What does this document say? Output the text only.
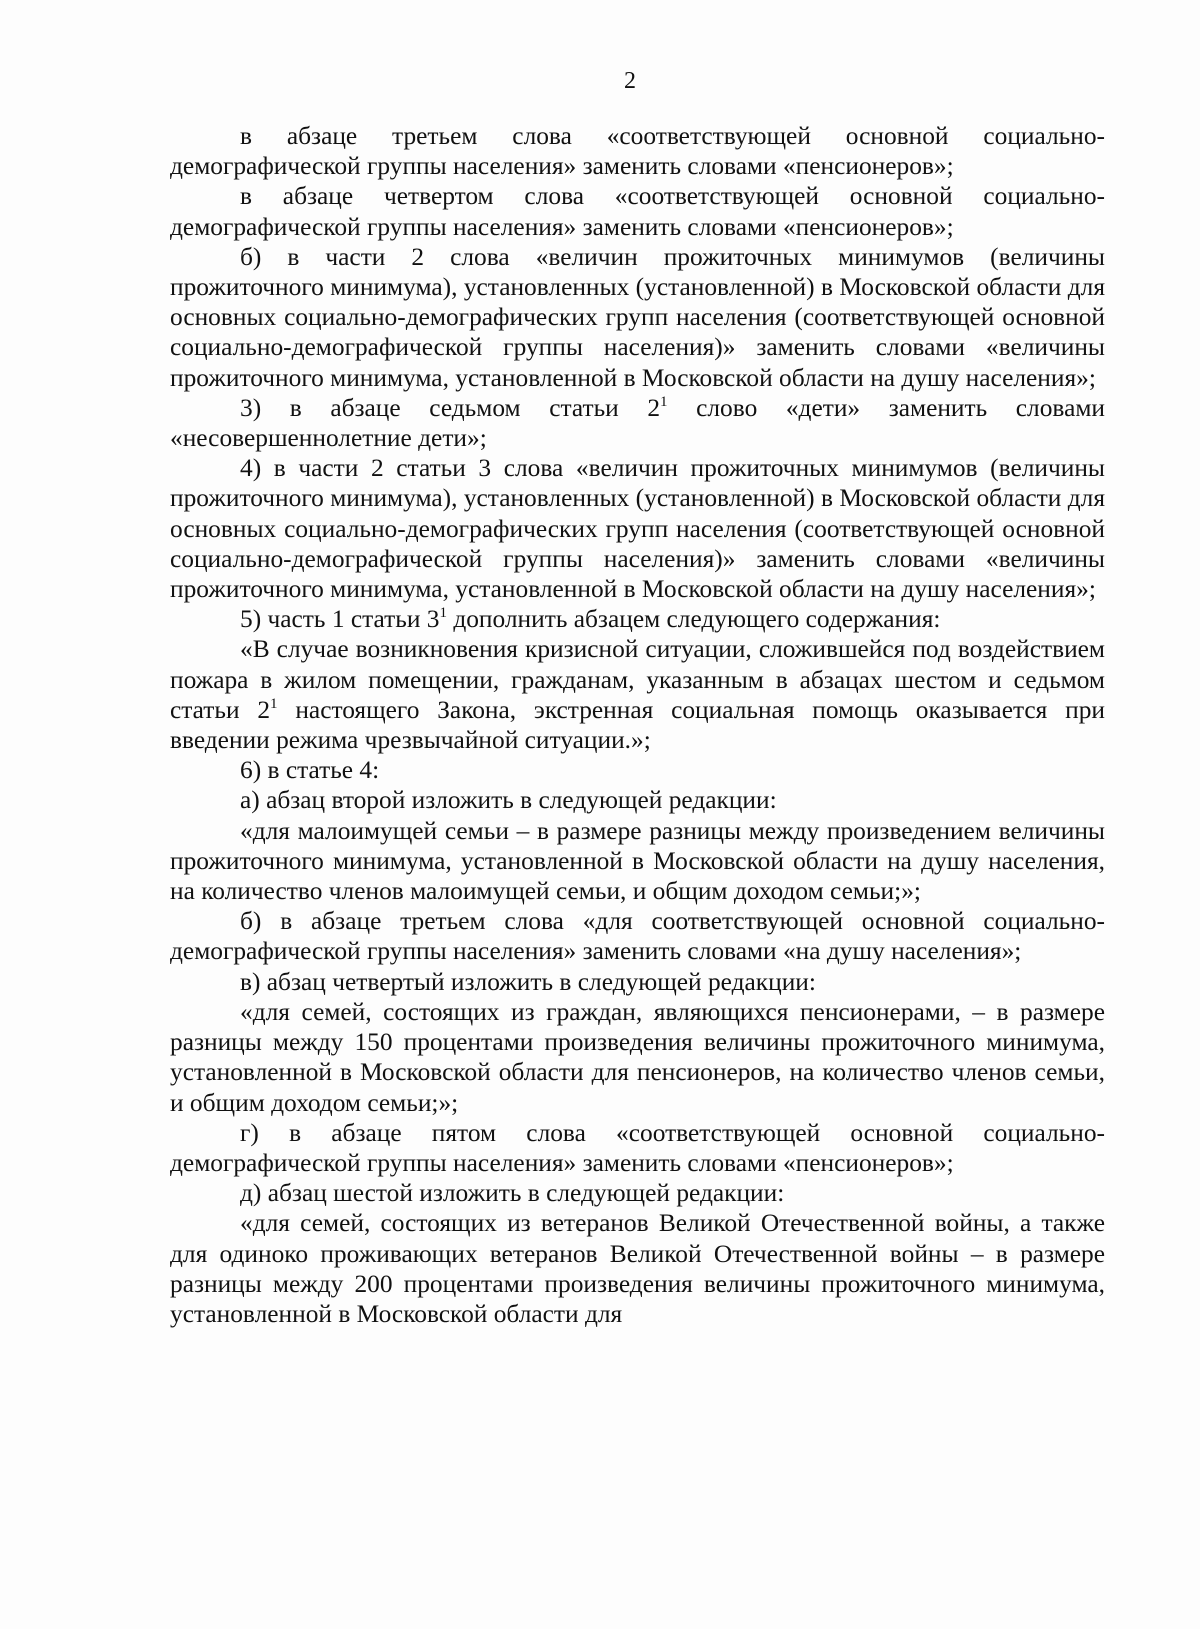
2

в абзаце третьем слова «соответствующей основной социально-демографической группы населения» заменить словами «пенсионеров»;

в абзаце четвертом слова «соответствующей основной социально-демографической группы населения» заменить словами «пенсионеров»;

б) в части 2 слова «величин прожиточных минимумов (величины прожиточного минимума), установленных (установленной) в Московской области для основных социально-демографических групп населения (соответствующей основной социально-демографической группы населения)» заменить словами «величины прожиточного минимума, установленной в Московской области на душу населения»;

3) в абзаце седьмом статьи $2^1$ слово «дети» заменить словами «несовершеннолетние дети»;

4) в части 2 статьи 3 слова «величин прожиточных минимумов (величины прожиточного минимума), установленных (установленной) в Московской области для основных социально-демографических групп населения (соответствующей основной социально-демографической группы населения)» заменить словами «величины прожиточного минимума, установленной в Московской области на душу населения»;

5) часть 1 статьи $3^1$ дополнить абзацем следующего содержания:

«В случае возникновения кризисной ситуации, сложившейся под воздействием пожара в жилом помещении, гражданам, указанным в абзацах шестом и седьмом статьи $2^1$ настоящего Закона, экстренная социальная помощь оказывается при введении режима чрезвычайной ситуации.»;

6) в статье 4:

а) абзац второй изложить в следующей редакции:

«для малоимущей семьи – в размере разницы между произведением величины прожиточного минимума, установленной в Московской области на душу населения, на количество членов малоимущей семьи, и общим доходом семьи;»;

б) в абзаце третьем слова «для соответствующей основной социально-демографической группы населения» заменить словами «на душу населения»;

в) абзац четвертый изложить в следующей редакции:

«для семей, состоящих из граждан, являющихся пенсионерами, – в размере разницы между 150 процентами произведения величины прожиточного минимума, установленной в Московской области для пенсионеров, на количество членов семьи, и общим доходом семьи;»;

г) в абзаце пятом слова «соответствующей основной социально-демографической группы населения» заменить словами «пенсионеров»;

д) абзац шестой изложить в следующей редакции:

«для семей, состоящих из ветеранов Великой Отечественной войны, а также для одиноко проживающих ветеранов Великой Отечественной войны – в размере разницы между 200 процентами произведения величины прожиточного минимума, установленной в Московской области для
